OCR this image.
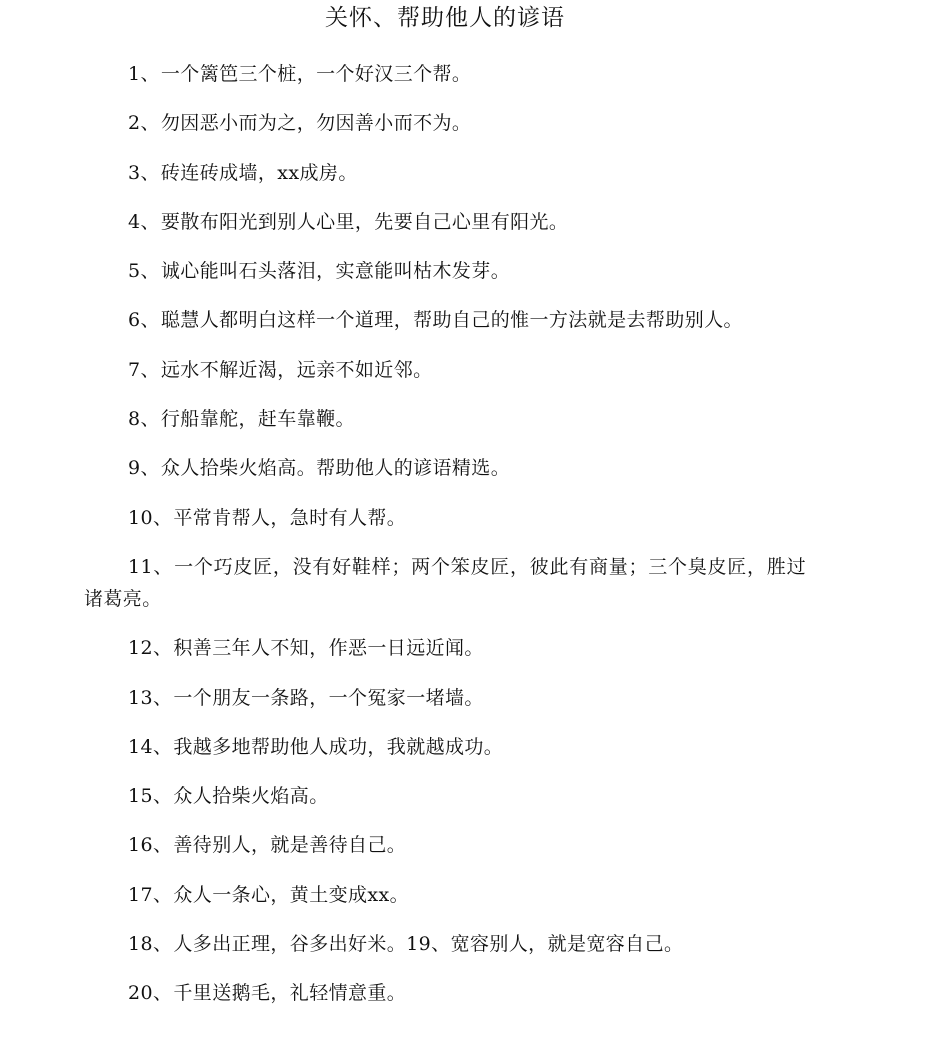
关怀、帮助他人的谚语
1、一个篱笆三个桩，一个好汉三个帮。
2、勿因恶小而为之，勿因善小而不为。
3、砖连砖成墙，xx成房。
4、要散布阳光到别人心里，先要自己心里有阳光。
5、诚心能叫石头落泪，实意能叫枯木发芽。
6、聪慧人都明白这样一个道理，帮助自己的惟一方法就是去帮助别人。
7、远水不解近渴，远亲不如近邻。
8、行船靠舵，赶车靠鞭。
9、众人拾柴火焰高。帮助他人的谚语精选。
10、平常肯帮人，急时有人帮。
11、一个巧皮匠，没有好鞋样；两个笨皮匠，彼此有商量；三个臭皮匠，胜过诸葛亮。
12、积善三年人不知，作恶一日远近闻。
13、一个朋友一条路，一个冤家一堵墙。
14、我越多地帮助他人成功，我就越成功。
15、众人拾柴火焰高。
16、善待别人，就是善待自己。
17、众人一条心，黄土变成xx。
18、人多出正理，谷多出好米。19、宽容别人，就是宽容自己。
20、千里送鹅毛，礼轻情意重。
